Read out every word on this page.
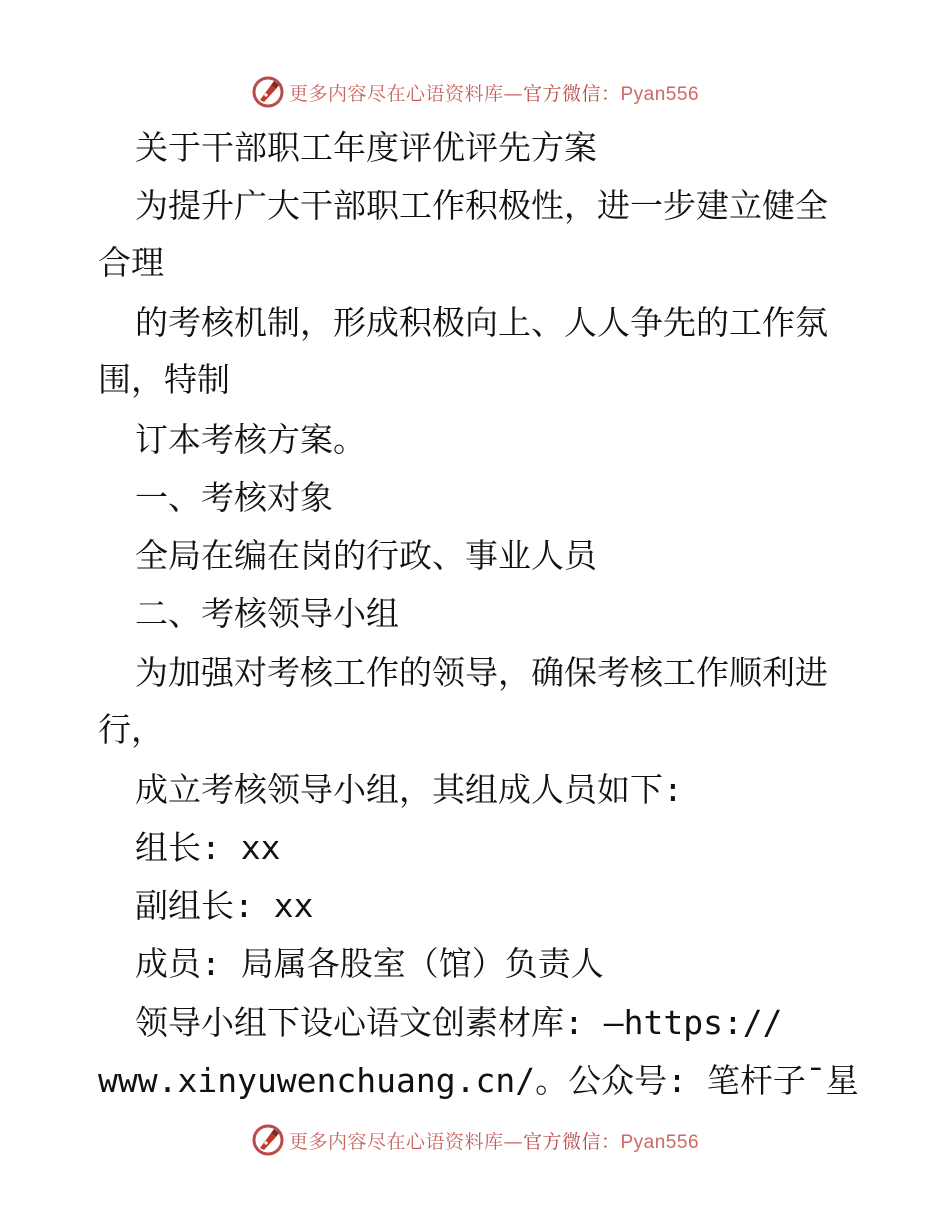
更多内容尽在心语资料库—官方微信：Pyan556
关于干部职工年度评优评先方案
为提升广大干部职工作积极性，进一步建立健全
合理
的考核机制，形成积极向上、人人争先的工作氛
围，特制
订本考核方案。
一、考核对象
全局在编在岗的行政、事业人员
二、考核领导小组
为加强对考核工作的领导，确保考核工作顺利进
行，
成立考核领导小组，其组成人员如下:
组长: xx
副组长: xx
成员: 局属各股室（馆）负责人
领导小组下设心语文创素材库: —https://
www.xinyuwenchuang.cn/。公众号: 笔杆子¯星
更多内容尽在心语资料库—官方微信：Pyan556
